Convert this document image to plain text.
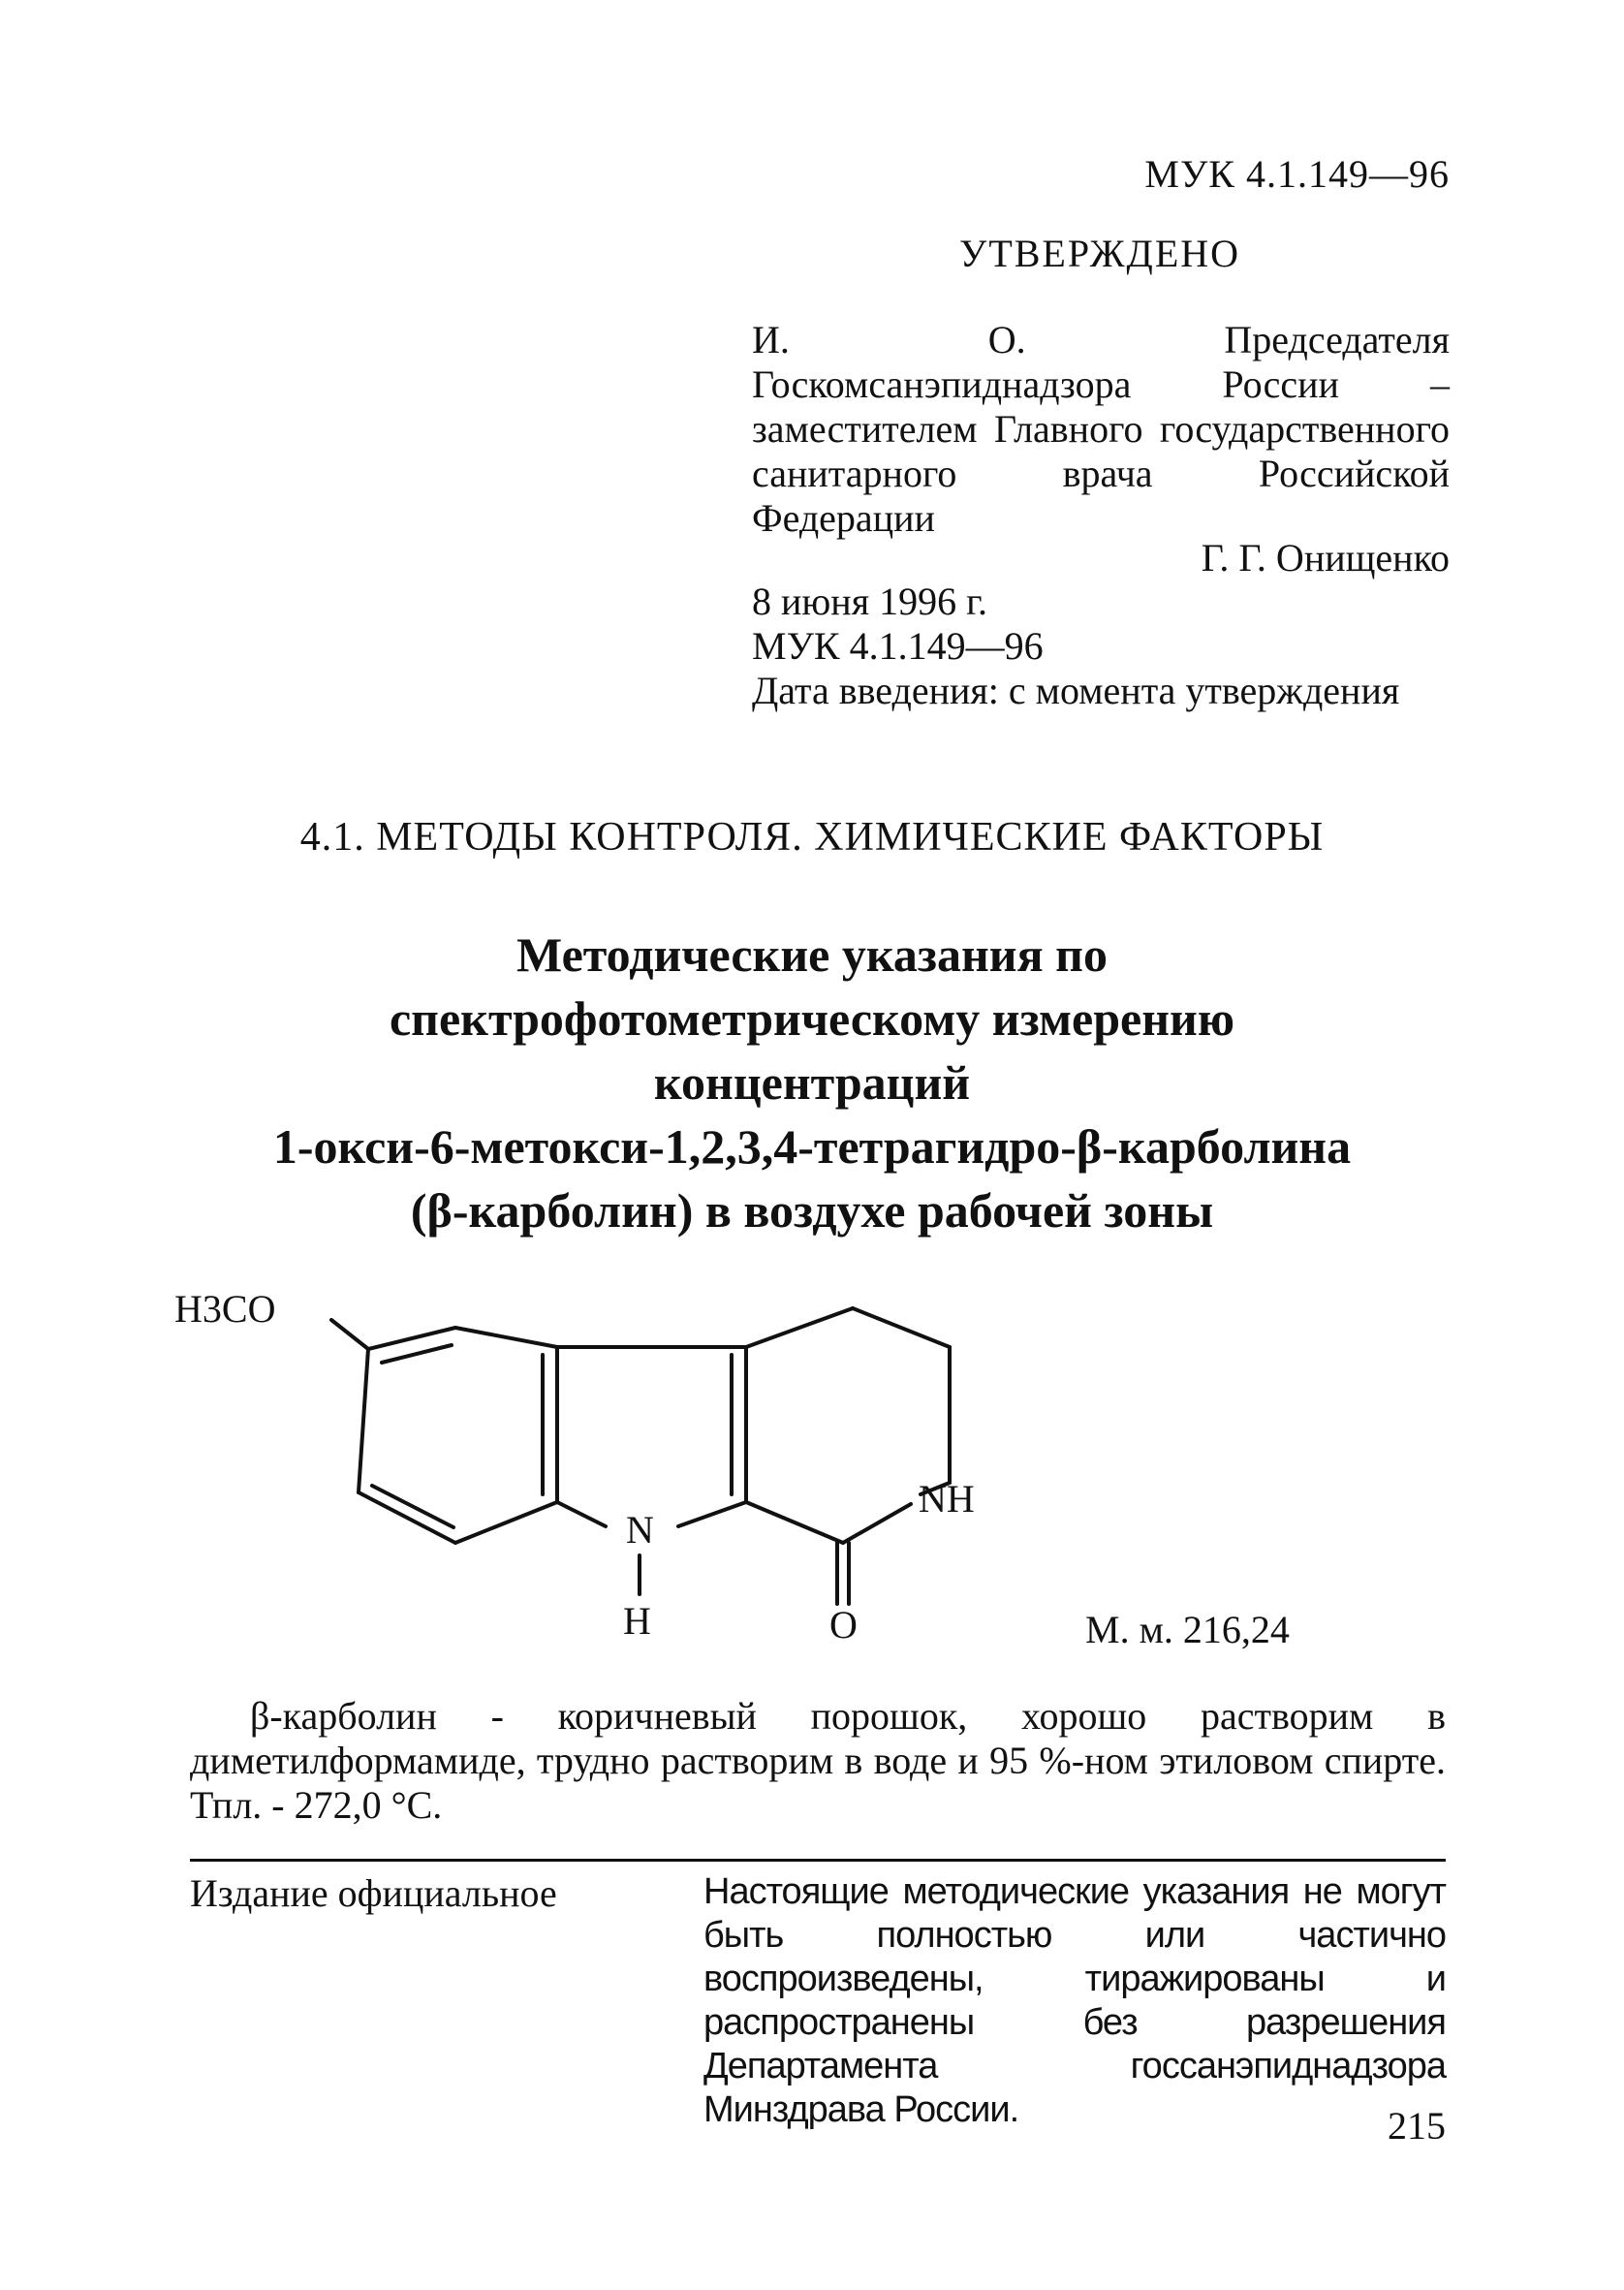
МУК 4.1.149—96
УТВЕРЖДЕНО
И. О. Председателя Госкомсанэпиднадзора России – заместителем Главного государственного санитарного врача Российской Федерации
Г. Г. Онищенко
8 июня 1996 г.
МУК 4.1.149—96
Дата введения: с момента утверждения
4.1. МЕТОДЫ КОНТРОЛЯ. ХИМИЧЕСКИЕ ФАКТОРЫ
Методические указания по
спектрофотометрическому измерению
концентраций
1-окси-6-метокси-1,2,3,4-тетрагидро-β-карболина
(β-карболин) в воздухе рабочей зоны
H3CO
N
H
NH
O	М. м. 216,24
β-карболин - коричневый порошок, хорошо растворим в диметилформамиде, трудно растворим в воде и 95 %-ном этиловом спирте. Тпл. - 272,0 °С.
Издание официальное	Настоящие методические указания не могут быть полностью или частично воспроизведены, тиражированы и распространены без разрешения Департамента госсанэпиднадзора Минздрава России.	215
